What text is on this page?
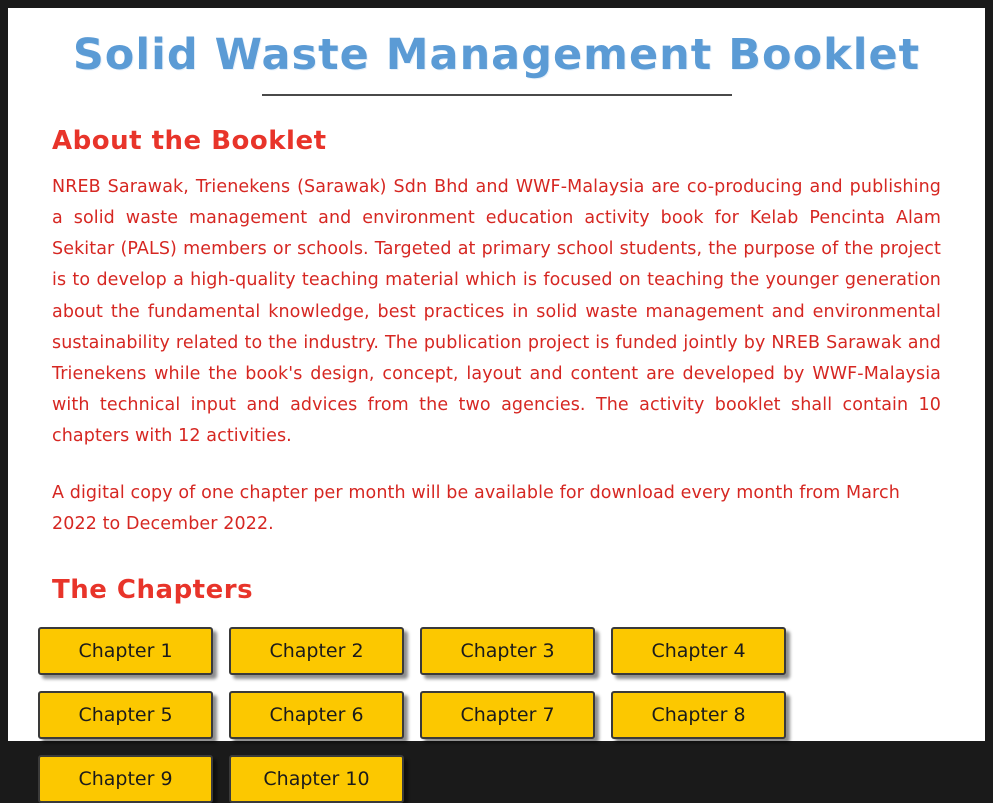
Solid Waste Management Booklet
About the Booklet

NREB Sarawak, Trienekens (Sarawak) Sdn Bhd and WWF-Malaysia are co-producing and publishing a solid waste management and environment education activity book for Kelab Pencinta Alam Sekitar (PALS) members or schools. Targeted at primary school students, the purpose of the project is to develop a high-quality teaching material which is focused on teaching the younger generation about the fundamental knowledge, best practices in solid waste management and environmental sustainability related to the industry. The publication project is funded jointly by NREB Sarawak and Trienekens while the book's design, concept, layout and content are developed by WWF-Malaysia with technical input and advices from the two agencies. The activity booklet shall contain 10 chapters with 12 activities.

A digital copy of one chapter per month will be available for download every month from March 2022 to December 2022.

The Chapters
Chapter 1	Chapter 2	Chapter 3	Chapter 4
Chapter 5	Chapter 6	Chapter 7	Chapter 8
Chapter 9	Chapter 10
